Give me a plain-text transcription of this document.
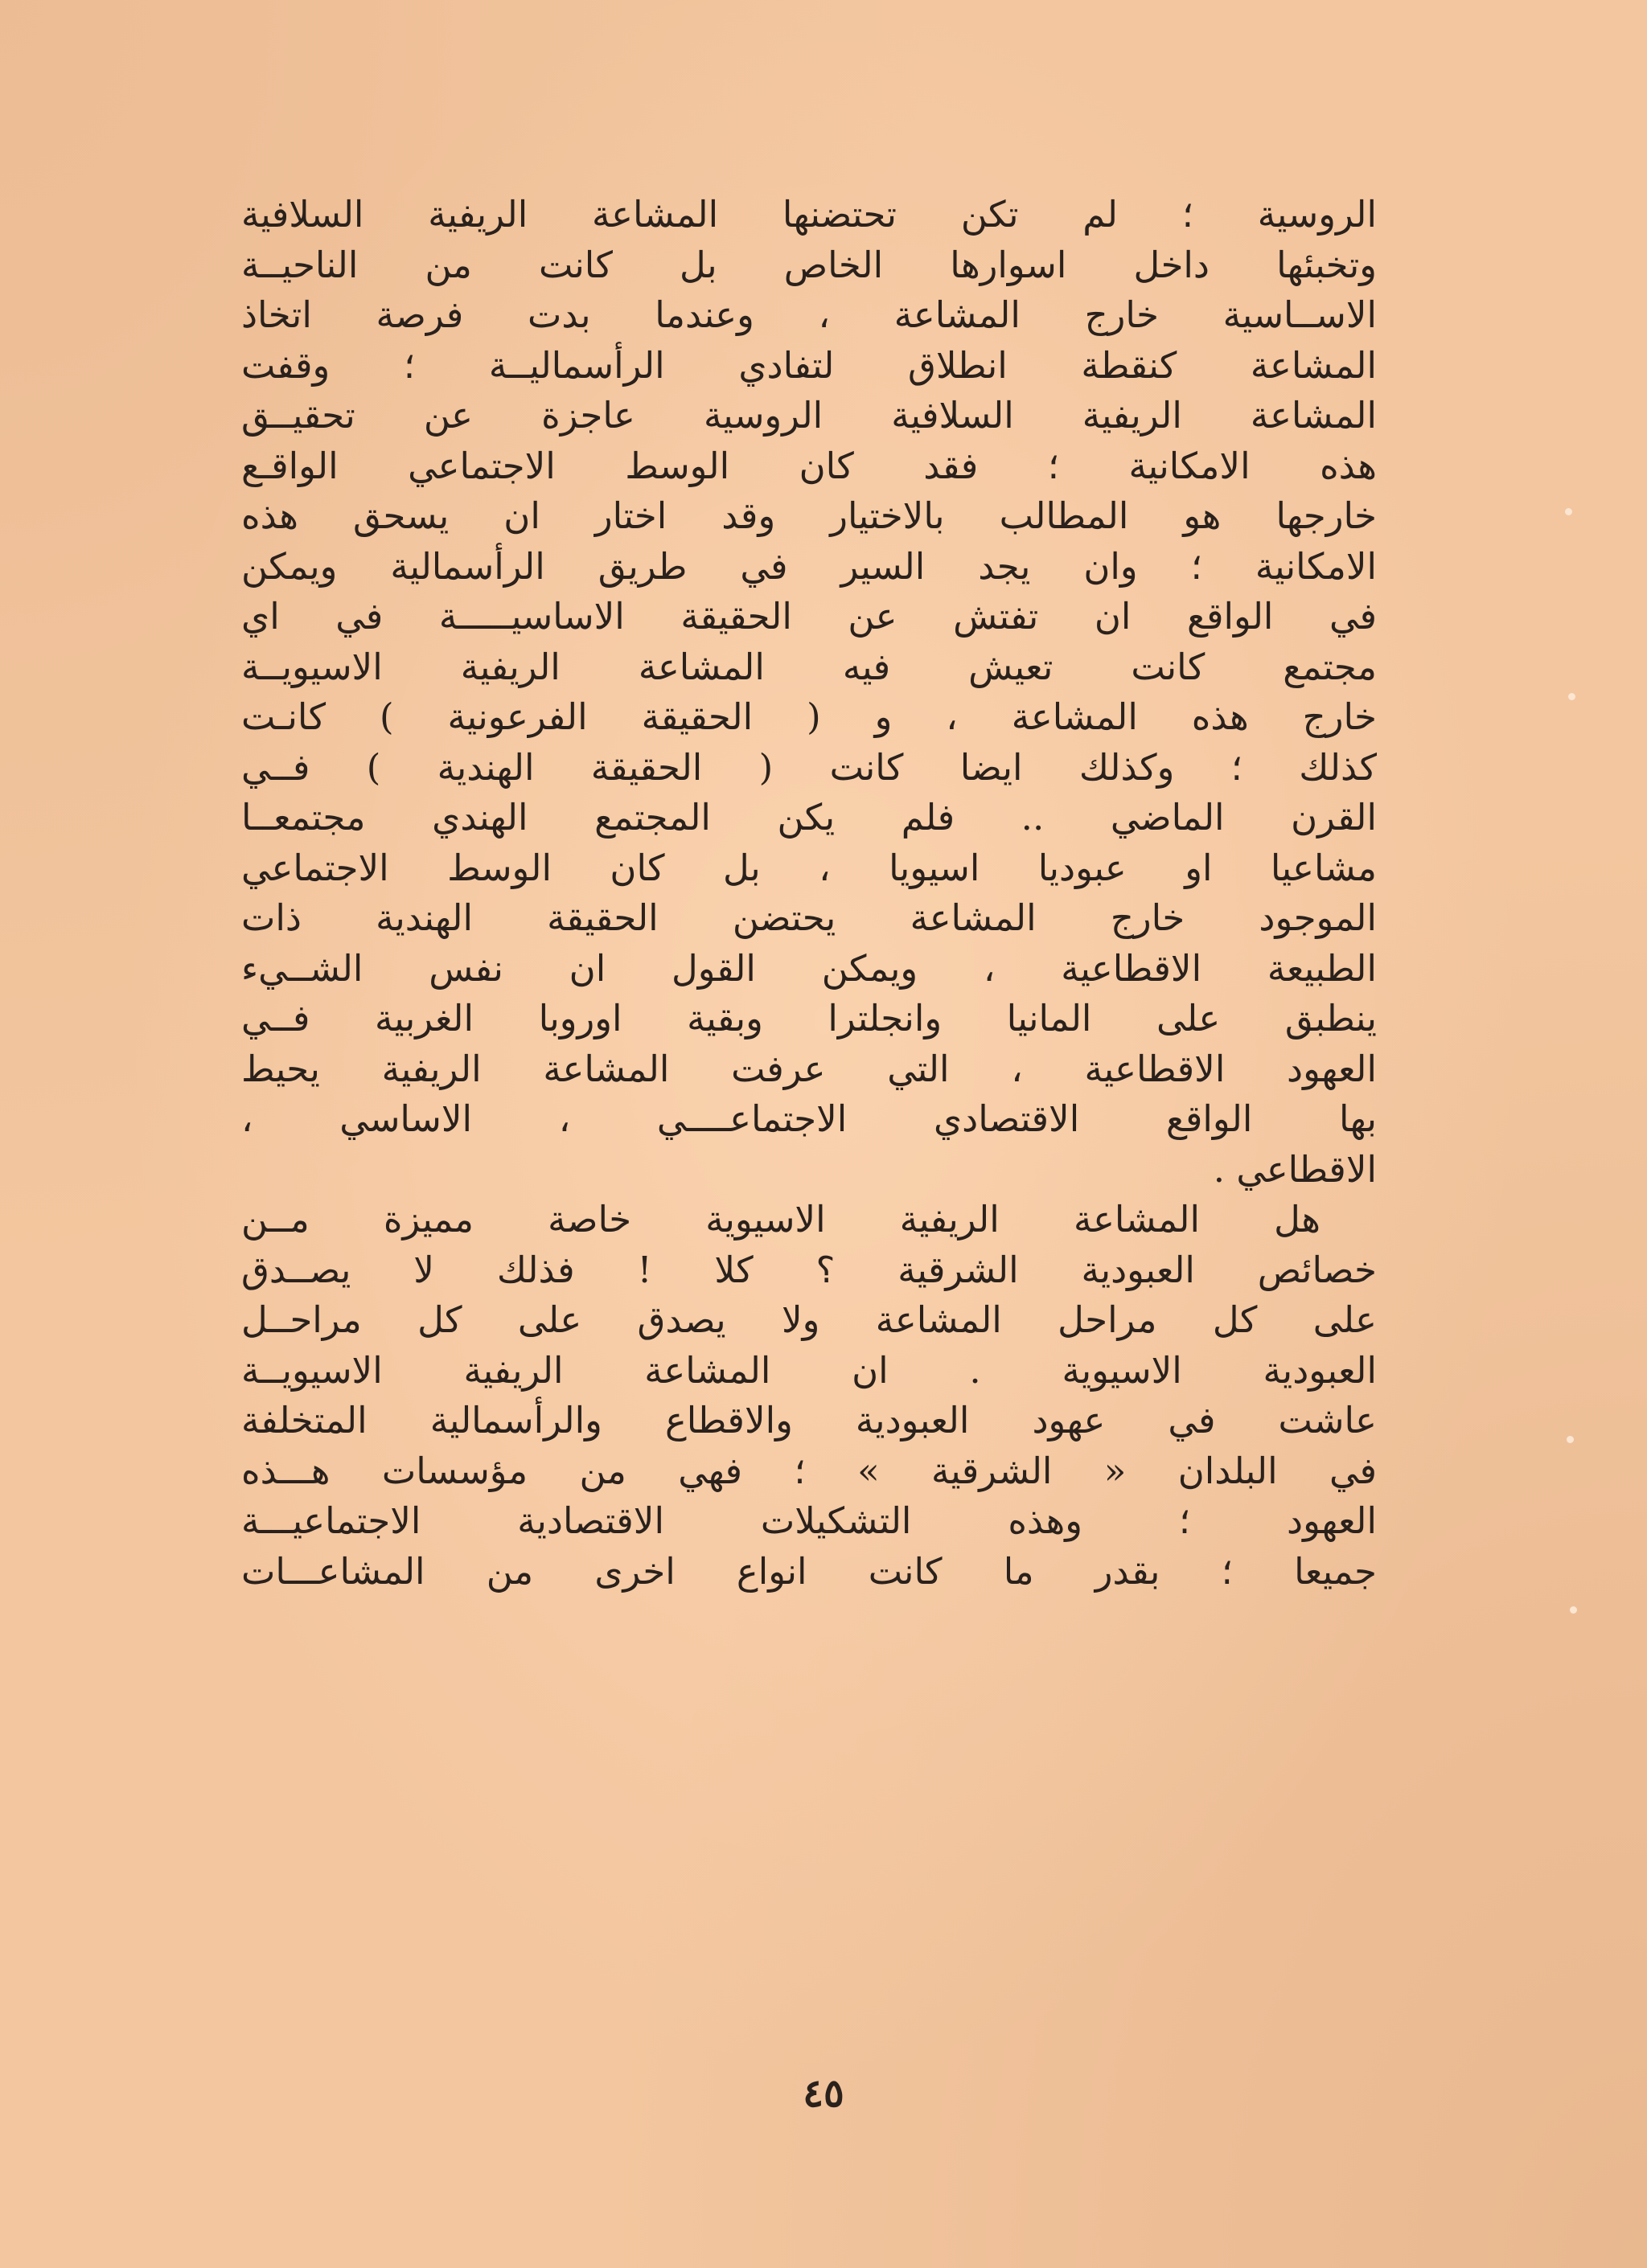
الروسية ؛ لم تكن تحتضنها المشاعة الريفية السلافية
وتخبئها داخل اسوارها الخاص بل كانت من الناحيــة
الاســاسية خارج المشاعة ، وعندما بدت فرصة اتخاذ
المشاعة كنقطة انطلاق لتفادي الرأسماليــة ؛ وقفت
المشاعة الريفية السلافية الروسية عاجزة عن تحقيــق
هذه الامكانية ؛ فقد كان الوسط الاجتماعي الواقـع
خارجها هو المطالب بالاختيار وقد اختار ان يسحق هذه
الامكانية ؛ وان يجد السير في طريق الرأسمالية ويمكن
في الواقع ان تفتش عن الحقيقة الاساسيـــــة في اي
مجتمع كانت تعيش فيه المشاعة الريفية الاسيويــة
خارج هذه المشاعة ، و ( الحقيقة الفرعونية ) كانـت
كذلك ؛ وكذلك ايضا كانت ( الحقيقة الهندية ) فــي
القرن الماضي .. فلم يكن المجتمع الهندي مجتمعــا
مشاعيا او عبوديا اسيويا ، بل كان الوسط الاجتماعي
الموجود خارج المشاعة يحتضن الحقيقة الهندية ذات
الطبيعة الاقطاعية ، ويمكن القول ان نفس الشــيء
ينطبق على المانيا وانجلترا وبقية اوروبا الغربية فــي
العهود الاقطاعية ، التي عرفت المشاعة الريفية يحيط
بها الواقع الاقتصادي الاجتماعــــي ، الاساسي ،
الاقطاعي .
هل المشاعة الريفية الاسيوية خاصة مميزة مــن
خصائص العبودية الشرقية ؟ كلا ! فذلك لا يصــدق
على كل مراحل المشاعة ولا يصدق على كل مراحــل
العبودية الاسيوية . ان المشاعة الريفية الاسيويــة
عاشت في عهود العبودية والاقطاع والرأسمالية المتخلفة
في البلدان « الشرقية » ؛ فهي من مؤسسات هـــذه
العهود ؛ وهذه التشكيلات الاقتصادية الاجتماعيـــة
جميعا ؛ بقدر ما كانت انواع اخرى من المشاعـــات
٤٥
